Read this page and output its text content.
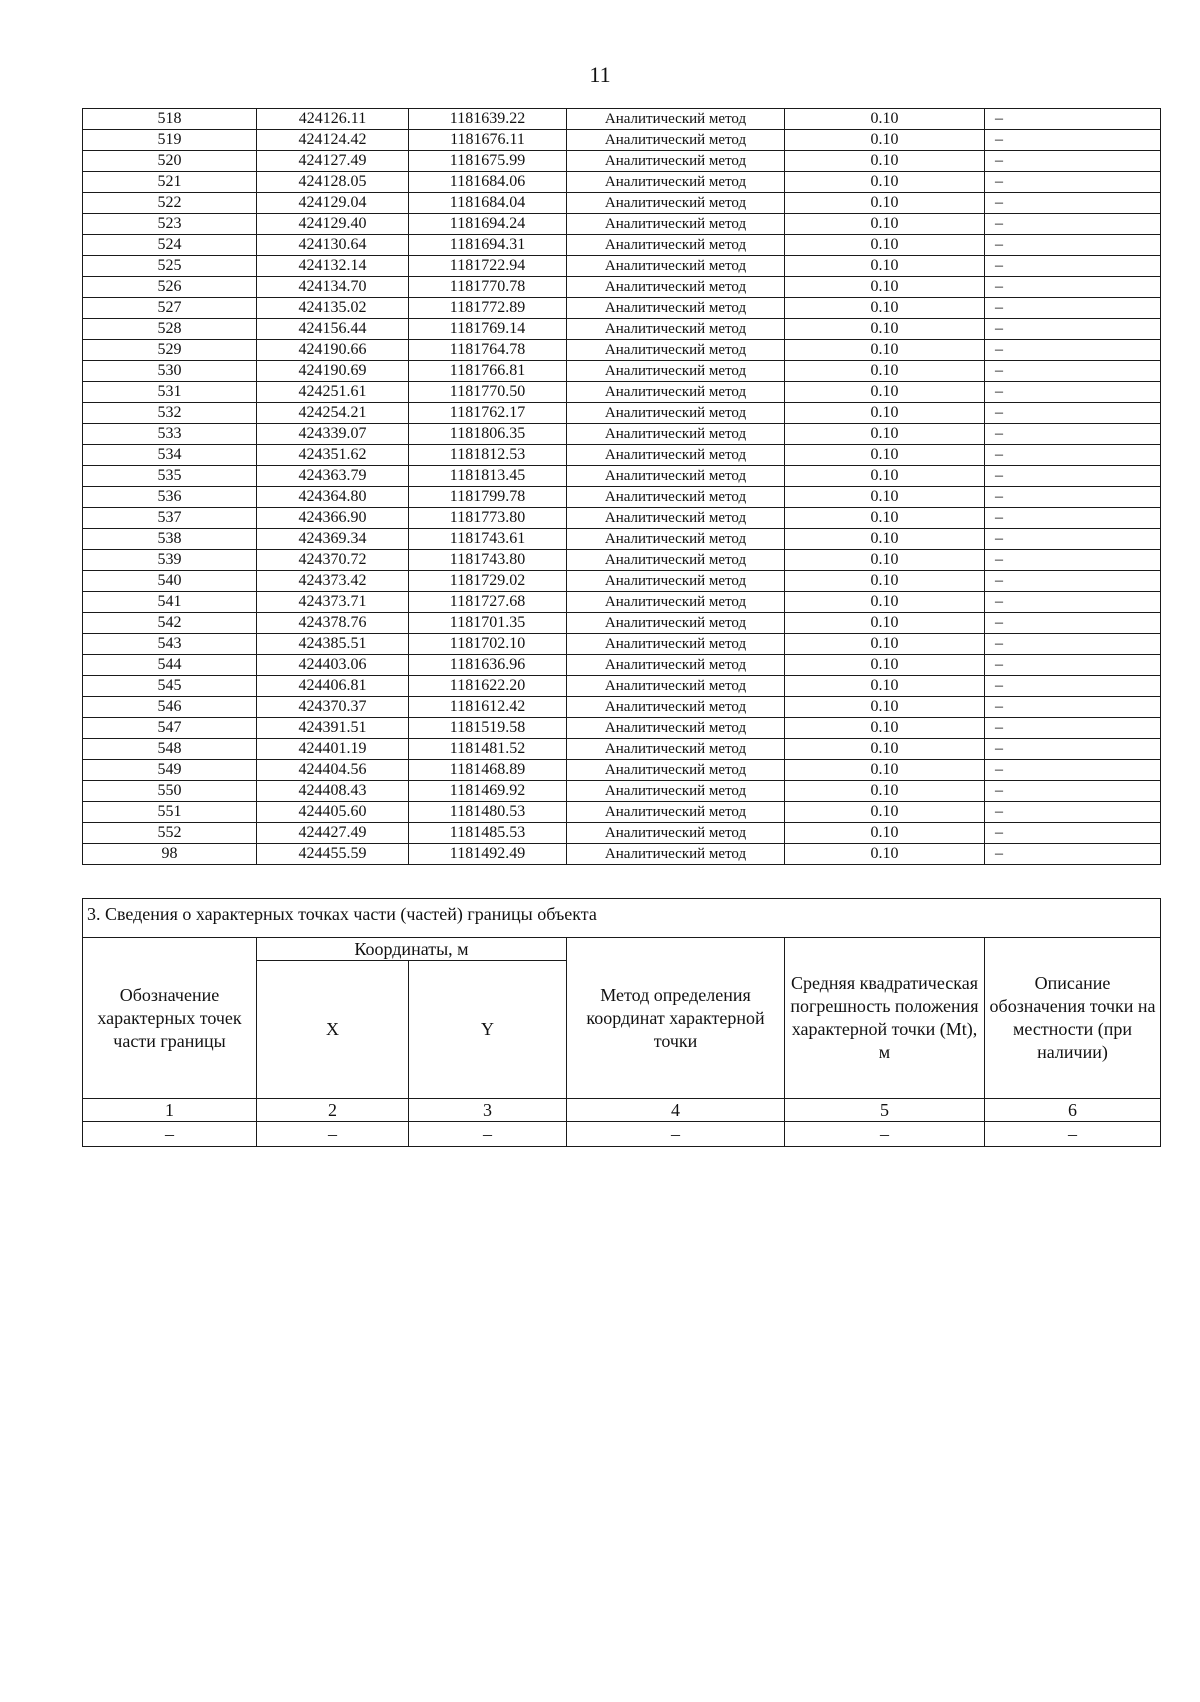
11
518	424126.11	1181639.22	Аналитический метод	0.10	–
519	424124.42	1181676.11	Аналитический метод	0.10	–
520	424127.49	1181675.99	Аналитический метод	0.10	–
521	424128.05	1181684.06	Аналитический метод	0.10	–
522	424129.04	1181684.04	Аналитический метод	0.10	–
523	424129.40	1181694.24	Аналитический метод	0.10	–
524	424130.64	1181694.31	Аналитический метод	0.10	–
525	424132.14	1181722.94	Аналитический метод	0.10	–
526	424134.70	1181770.78	Аналитический метод	0.10	–
527	424135.02	1181772.89	Аналитический метод	0.10	–
528	424156.44	1181769.14	Аналитический метод	0.10	–
529	424190.66	1181764.78	Аналитический метод	0.10	–
530	424190.69	1181766.81	Аналитический метод	0.10	–
531	424251.61	1181770.50	Аналитический метод	0.10	–
532	424254.21	1181762.17	Аналитический метод	0.10	–
533	424339.07	1181806.35	Аналитический метод	0.10	–
534	424351.62	1181812.53	Аналитический метод	0.10	–
535	424363.79	1181813.45	Аналитический метод	0.10	–
536	424364.80	1181799.78	Аналитический метод	0.10	–
537	424366.90	1181773.80	Аналитический метод	0.10	–
538	424369.34	1181743.61	Аналитический метод	0.10	–
539	424370.72	1181743.80	Аналитический метод	0.10	–
540	424373.42	1181729.02	Аналитический метод	0.10	–
541	424373.71	1181727.68	Аналитический метод	0.10	–
542	424378.76	1181701.35	Аналитический метод	0.10	–
543	424385.51	1181702.10	Аналитический метод	0.10	–
544	424403.06	1181636.96	Аналитический метод	0.10	–
545	424406.81	1181622.20	Аналитический метод	0.10	–
546	424370.37	1181612.42	Аналитический метод	0.10	–
547	424391.51	1181519.58	Аналитический метод	0.10	–
548	424401.19	1181481.52	Аналитический метод	0.10	–
549	424404.56	1181468.89	Аналитический метод	0.10	–
550	424408.43	1181469.92	Аналитический метод	0.10	–
551	424405.60	1181480.53	Аналитический метод	0.10	–
552	424427.49	1181485.53	Аналитический метод	0.10	–
98	424455.59	1181492.49	Аналитический метод	0.10	–
3. Сведения о характерных точках части (частей) границы объекта					
Обозначение характерных точек части границы	Координаты, м		Метод определения координат характерной точки	Средняя квадратическая погрешность положения характерной точки (Mt), м	Описание обозначения точки на местности (при наличии)
	X	Y			
1	2	3	4	5	6
–	–	–	–	–	–
